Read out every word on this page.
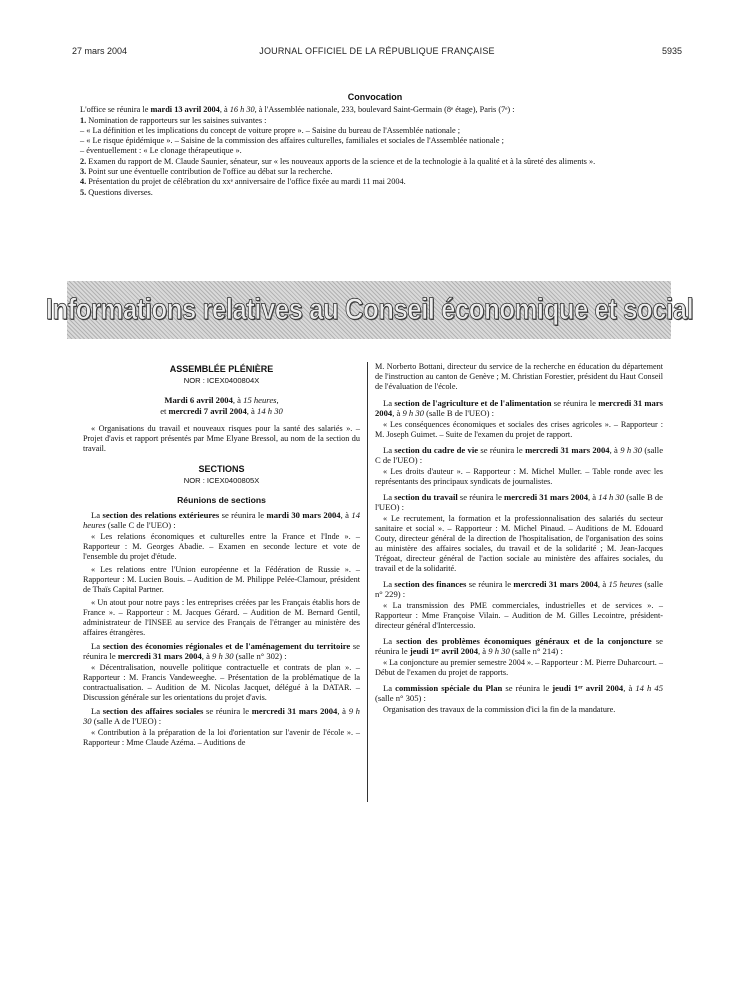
27 mars 2004	JOURNAL OFFICIEL DE LA RÉPUBLIQUE FRANÇAISE	5935
Convocation

L'office se réunira le mardi 13 avril 2004, à 16 h 30, à l'Assemblée nationale, 233, boulevard Saint-Germain (8ᵉ étage), Paris (7ᵉ) :

1. Nomination de rapporteurs sur les saisines suivantes :

– « La définition et les implications du concept de voiture propre ». – Saisine du bureau de l'Assemblée nationale ;

– « Le risque épidémique ». – Saisine de la commission des affaires culturelles, familiales et sociales de l'Assemblée nationale ;

– éventuellement : « Le clonage thérapeutique ».

2. Examen du rapport de M. Claude Saunier, sénateur, sur « les nouveaux apports de la science et de la technologie à la qualité et à la sûreté des aliments ».

3. Point sur une éventuelle contribution de l'office au débat sur la recherche.

4. Présentation du projet de célébration du xxᵉ anniversaire de l'office fixée au mardi 11 mai 2004.

5. Questions diverses.

Informations relatives au Conseil économique et social
ASSEMBLÉE PLÉNIÈRE
NOR : ICEX0400804X
Mardi 6 avril 2004, à 15 heures,
et mercredi 7 avril 2004, à 14 h 30

« Organisations du travail et nouveaux risques pour la santé des salariés ». – Projet d'avis et rapport présentés par Mme Elyane Bressol, au nom de la section du travail.

SECTIONS
NOR : ICEX0400805X
Réunions de sections

La section des relations extérieures se réunira le mardi 30 mars 2004, à 14 heures (salle C de l'UEO) :

« Les relations économiques et culturelles entre la France et l'Inde ». – Rapporteur : M. Georges Abadie. – Examen en seconde lecture et vote de l'ensemble du projet d'étude.

« Les relations entre l'Union européenne et la Fédération de Russie ». – Rapporteur : M. Lucien Bouis. – Audition de M. Philippe Pelée-Clamour, président de Thaïs Capital Partner.

« Un atout pour notre pays : les entreprises créées par les Français établis hors de France ». – Rapporteur : M. Jacques Gérard. – Audition de M. Bernard Gentil, administrateur de l'INSEE au service des Français de l'étranger au ministère des affaires étrangères.

La section des économies régionales et de l'aménagement du territoire se réunira le mercredi 31 mars 2004, à 9 h 30 (salle n° 302) :

« Décentralisation, nouvelle politique contractuelle et contrats de plan ». – Rapporteur : M. Francis Vandeweeghe. – Présentation de la problématique de la contractualisation. – Audition de M. Nicolas Jacquet, délégué à la DATAR. – Discussion générale sur les orientations du projet d'avis.

La section des affaires sociales se réunira le mercredi 31 mars 2004, à 9 h 30 (salle A de l'UEO) :

« Contribution à la préparation de la loi d'orientation sur l'avenir de l'école ». – Rapporteur : Mme Claude Azéma. – Auditions de

M. Norberto Bottani, directeur du service de la recherche en éducation du département de l'instruction au canton de Genève ; M. Christian Forestier, président du Haut Conseil de l'évaluation de l'école.

La section de l'agriculture et de l'alimentation se réunira le mercredi 31 mars 2004, à 9 h 30 (salle B de l'UEO) :

« Les conséquences économiques et sociales des crises agricoles ». – Rapporteur : M. Joseph Guimet. – Suite de l'examen du projet de rapport.

La section du cadre de vie se réunira le mercredi 31 mars 2004, à 9 h 30 (salle C de l'UEO) :

« Les droits d'auteur ». – Rapporteur : M. Michel Muller. – Table ronde avec les représentants des principaux syndicats de journalistes.

La section du travail se réunira le mercredi 31 mars 2004, à 14 h 30 (salle B de l'UEO) :

« Le recrutement, la formation et la professionnalisation des salariés du secteur sanitaire et social ». – Rapporteur : M. Michel Pinaud. – Auditions de M. Edouard Couty, directeur général de la direction de l'hospitalisation, de l'organisation des soins au ministère des affaires sociales, du travail et de la solidarité ; M. Jean-Jacques Trégoat, directeur général de l'action sociale au ministère des affaires sociales, du travail et de la solidarité.

La section des finances se réunira le mercredi 31 mars 2004, à 15 heures (salle n° 229) :

« La transmission des PME commerciales, industrielles et de services ». – Rapporteur : Mme Françoise Vilain. – Audition de M. Gilles Lecointre, président-directeur général d'Intercessio.

La section des problèmes économiques généraux et de la conjoncture se réunira le jeudi 1ᵉʳ avril 2004, à 9 h 30 (salle n° 214) :

« La conjoncture au premier semestre 2004 ». – Rapporteur : M. Pierre Duharcourt. – Début de l'examen du projet de rapports.

La commission spéciale du Plan se réunira le jeudi 1ᵉʳ avril 2004, à 14 h 45 (salle n° 305) :

Organisation des travaux de la commission d'ici la fin de la mandature.
